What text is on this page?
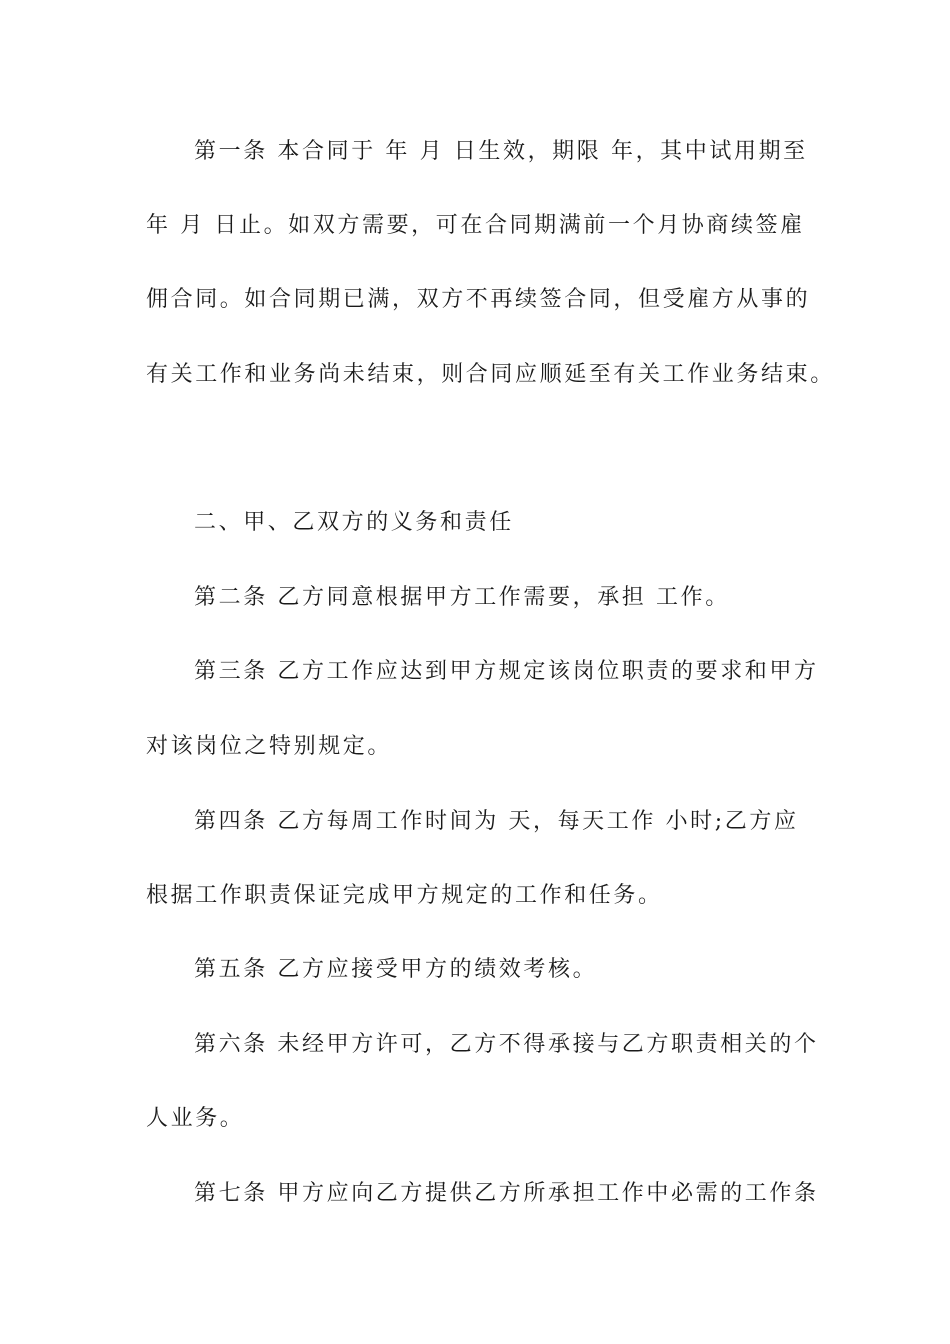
第一条 本合同于 年 月 日生效，期限 年，其中试用期至
年 月 日止。如双方需要，可在合同期满前一个月协商续签雇
佣合同。如合同期已满，双方不再续签合同，但受雇方从事的
有关工作和业务尚未结束，则合同应顺延至有关工作业务结束。
二、甲、乙双方的义务和责任
第二条 乙方同意根据甲方工作需要，承担 工作。
第三条 乙方工作应达到甲方规定该岗位职责的要求和甲方
对该岗位之特别规定。
第四条 乙方每周工作时间为 天，每天工作 小时;乙方应
根据工作职责保证完成甲方规定的工作和任务。
第五条 乙方应接受甲方的绩效考核。
第六条 未经甲方许可，乙方不得承接与乙方职责相关的个
人业务。
第七条 甲方应向乙方提供乙方所承担工作中必需的工作条
